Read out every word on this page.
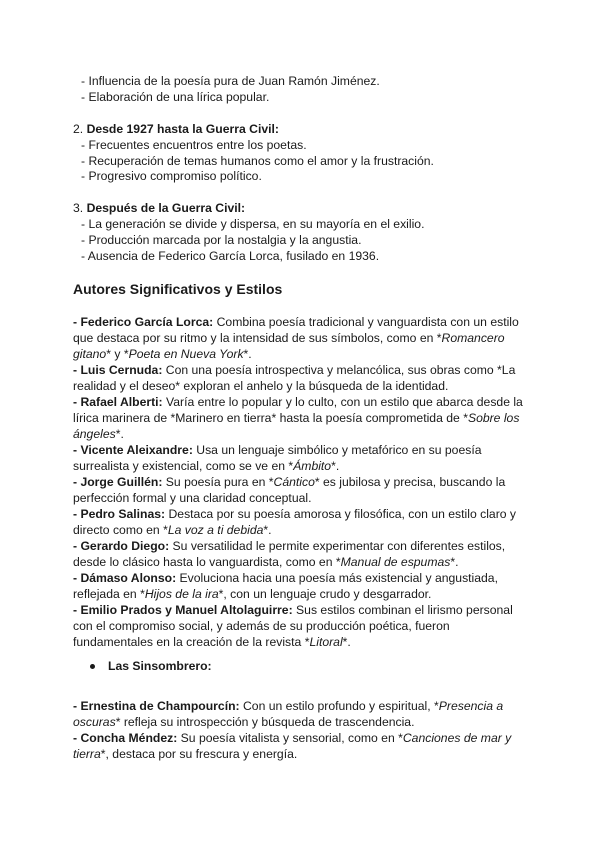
- Influencia de la poesía pura de Juan Ramón Jiménez.
- Elaboración de una lírica popular.
2. Desde 1927 hasta la Guerra Civil:
- Frecuentes encuentros entre los poetas.
- Recuperación de temas humanos como el amor y la frustración.
- Progresivo compromiso político.
3. Después de la Guerra Civil:
- La generación se divide y dispersa, en su mayoría en el exilio.
- Producción marcada por la nostalgia y la angustia.
- Ausencia de Federico García Lorca, fusilado en 1936.
Autores Significativos y Estilos
- Federico García Lorca: Combina poesía tradicional y vanguardista con un estilo
que destaca por su ritmo y la intensidad de sus símbolos, como en *Romancero
gitano* y *Poeta en Nueva York*.
- Luis Cernuda: Con una poesía introspectiva y melancólica, sus obras como *La
realidad y el deseo* exploran el anhelo y la búsqueda de la identidad.
- Rafael Alberti: Varía entre lo popular y lo culto, con un estilo que abarca desde la
lírica marinera de *Marinero en tierra* hasta la poesía comprometida de *Sobre los
ángeles*.
- Vicente Aleixandre: Usa un lenguaje simbólico y metafórico en su poesía
surrealista y existencial, como se ve en *Ámbito*.
- Jorge Guillén: Su poesía pura en *Cántico* es jubilosa y precisa, buscando la
perfección formal y una claridad conceptual.
- Pedro Salinas: Destaca por su poesía amorosa y filosófica, con un estilo claro y
directo como en *La voz a ti debida*.
- Gerardo Diego: Su versatilidad le permite experimentar con diferentes estilos,
desde lo clásico hasta lo vanguardista, como en *Manual de espumas*.
- Dámaso Alonso: Evoluciona hacia una poesía más existencial y angustiada,
reflejada en *Hijos de la ira*, con un lenguaje crudo y desgarrador.
- Emilio Prados y Manuel Altolaguirre: Sus estilos combinan el lirismo personal
con el compromiso social, y además de su producción poética, fueron
fundamentales en la creación de la revista *Litoral*.
Las Sinsombrero:
- Ernestina de Champourcín: Con un estilo profundo y espiritual, *Presencia a
oscuras* refleja su introspección y búsqueda de trascendencia.
- Concha Méndez: Su poesía vitalista y sensorial, como en *Canciones de mar y
tierra*, destaca por su frescura y energía.
